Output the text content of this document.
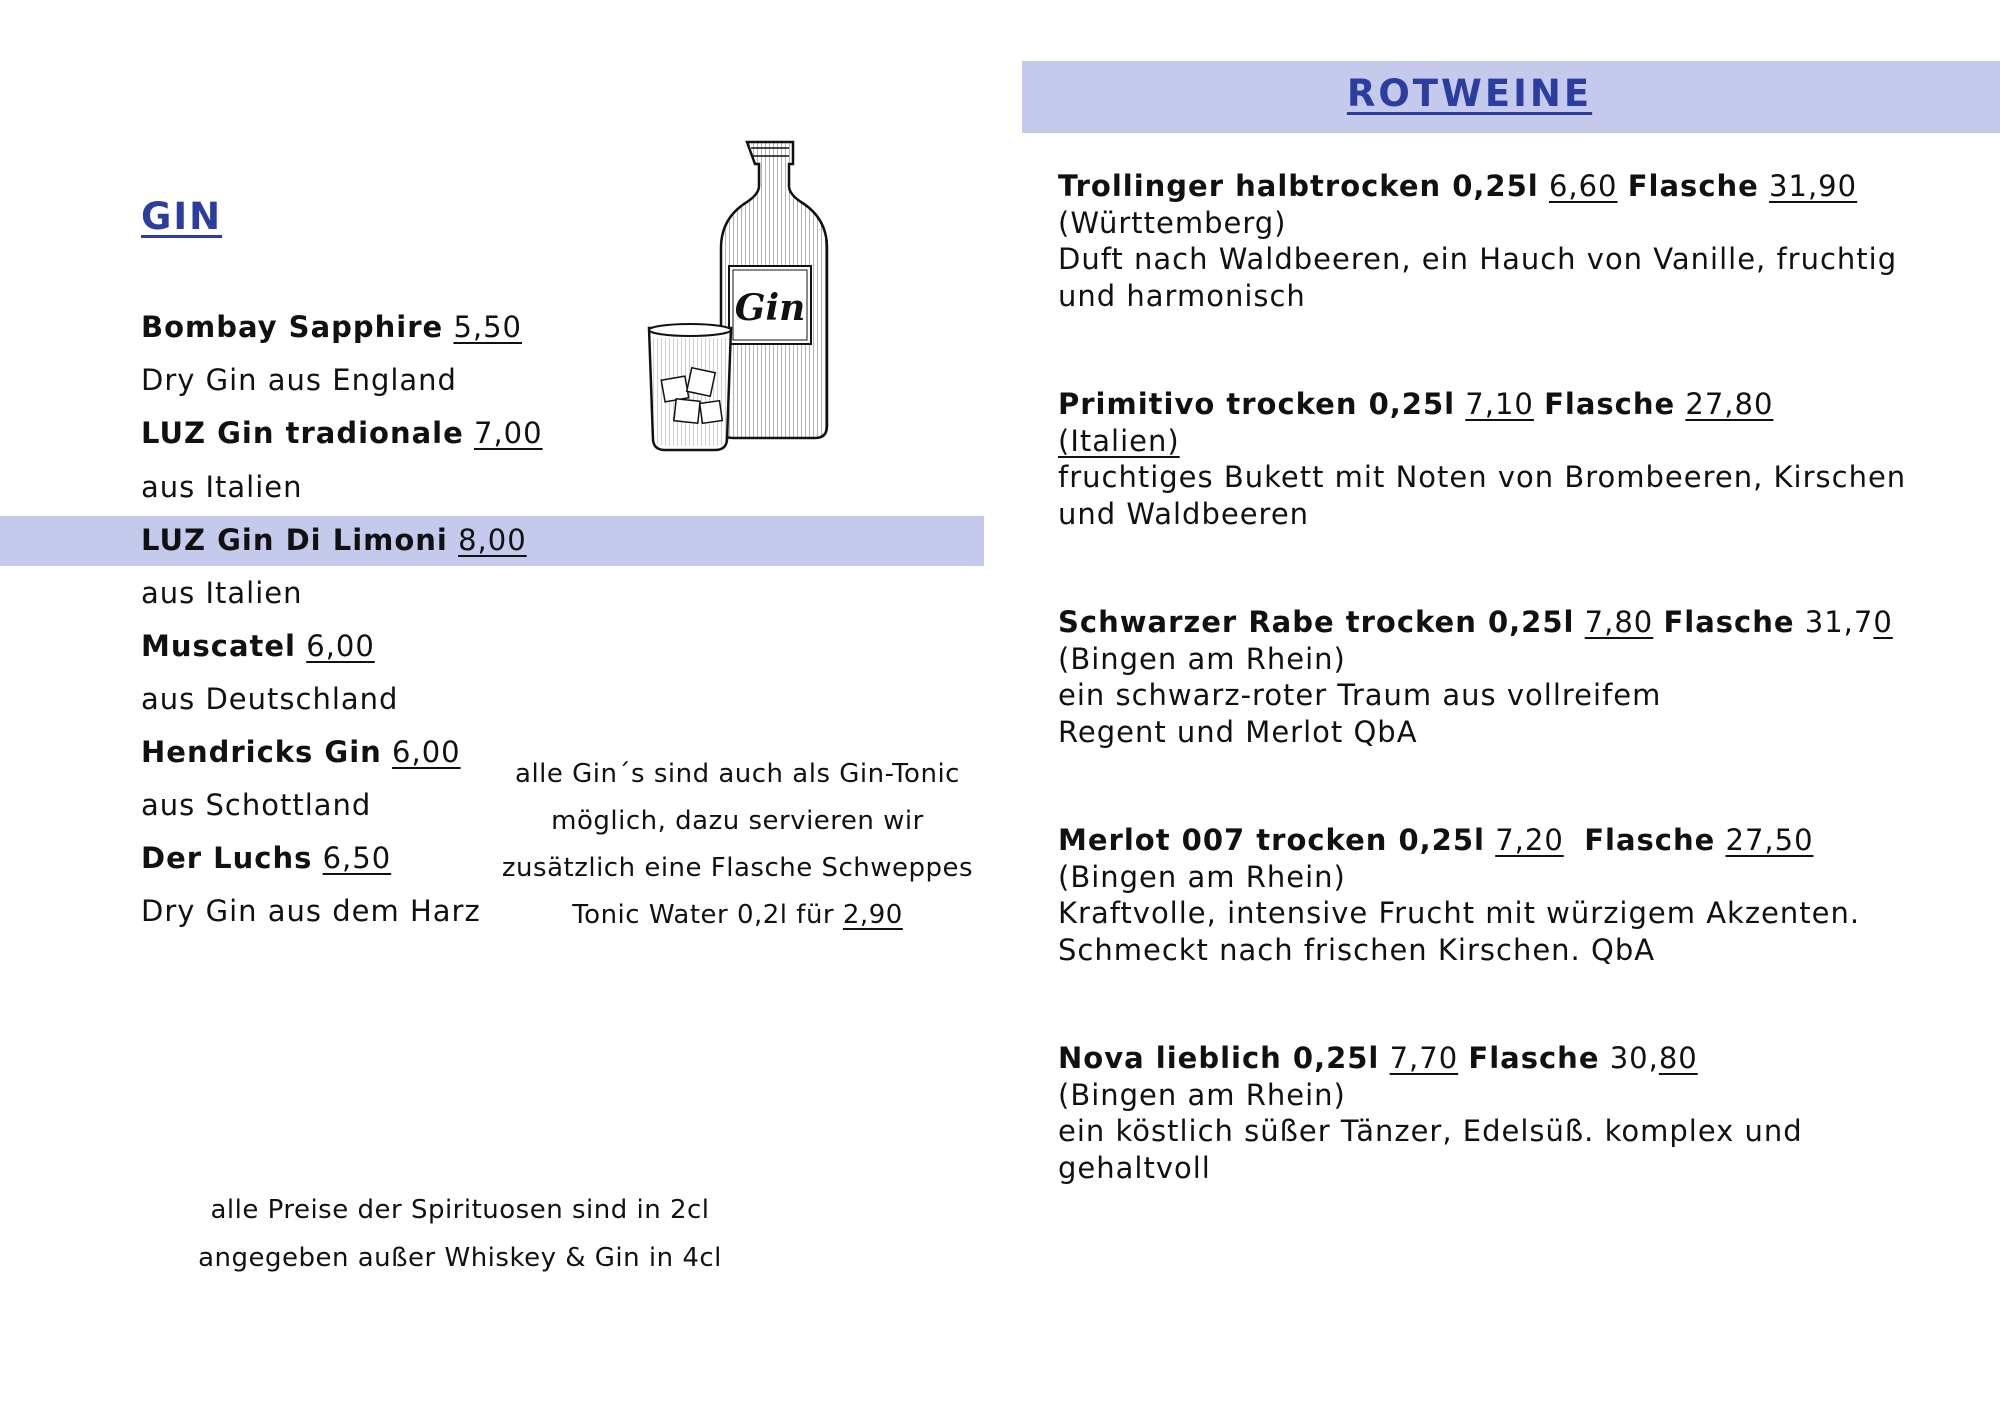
GIN
Bombay Sapphire 5,50
Dry Gin aus England
LUZ Gin tradionale 7,00
aus Italien
LUZ Gin Di Limoni 8,00
aus Italien
Muscatel 6,00
aus Deutschland
Hendricks Gin 6,00
aus Schottland
Der Luchs 6,50
Dry Gin aus dem Harz
alle Gin´s sind auch als Gin-Tonic
möglich, dazu servieren wir
zusätzlich eine Flasche Schweppes
Tonic Water 0,2l für 2,90
alle Preise der Spirituosen sind in 2cl
angegeben außer Whiskey & Gin in 4cl
Gin
ROTWEINE
Trollinger halbtrocken 0,25l 6,60 Flasche 31,90
(Württemberg)
Duft nach Waldbeeren, ein Hauch von Vanille, fruchtig
und harmonisch
Primitivo trocken 0,25l 7,10 Flasche 27,80
(Italien)
fruchtiges Bukett mit Noten von Brombeeren, Kirschen
und Waldbeeren
Schwarzer Rabe trocken 0,25l 7,80 Flasche 31,70
(Bingen am Rhein)
ein schwarz-roter Traum aus vollreifem
Regent und Merlot QbA
Merlot 007 trocken 0,25l 7,20 Flasche 27,50
(Bingen am Rhein)
Kraftvolle, intensive Frucht mit würzigem Akzenten.
Schmeckt nach frischen Kirschen. QbA
Nova lieblich 0,25l 7,70 Flasche 30,80
(Bingen am Rhein)
ein köstlich süßer Tänzer, Edelsüß. komplex und
gehaltvoll
